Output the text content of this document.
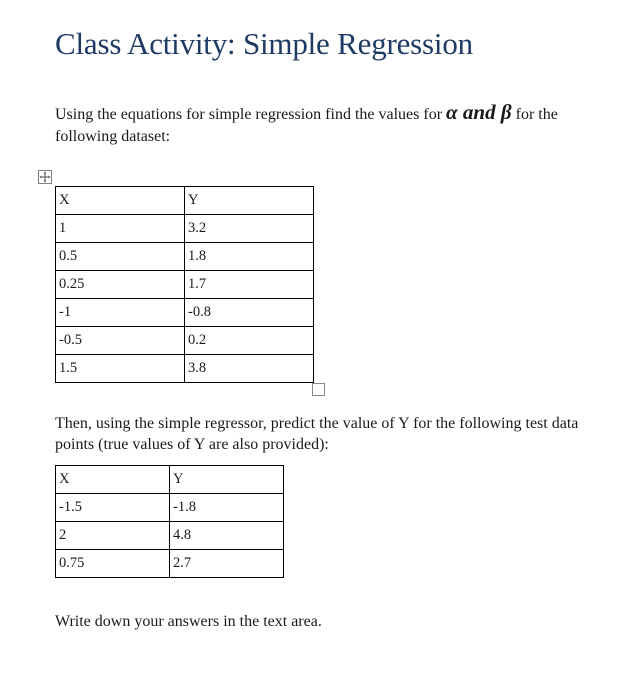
Class Activity: Simple Regression

Using the equations for simple regression find the values for α and β for the following dataset:

X	Y
1	3.2
0.5	1.8
0.25	1.7
-1	-0.8
-0.5	0.2
1.5	3.8

Then, using the simple regressor, predict the value of Y for the following test data points (true values of Y are also provided):

X	Y
-1.5	-1.8
2	4.8
0.75	2.7

Write down your answers in the text area.
